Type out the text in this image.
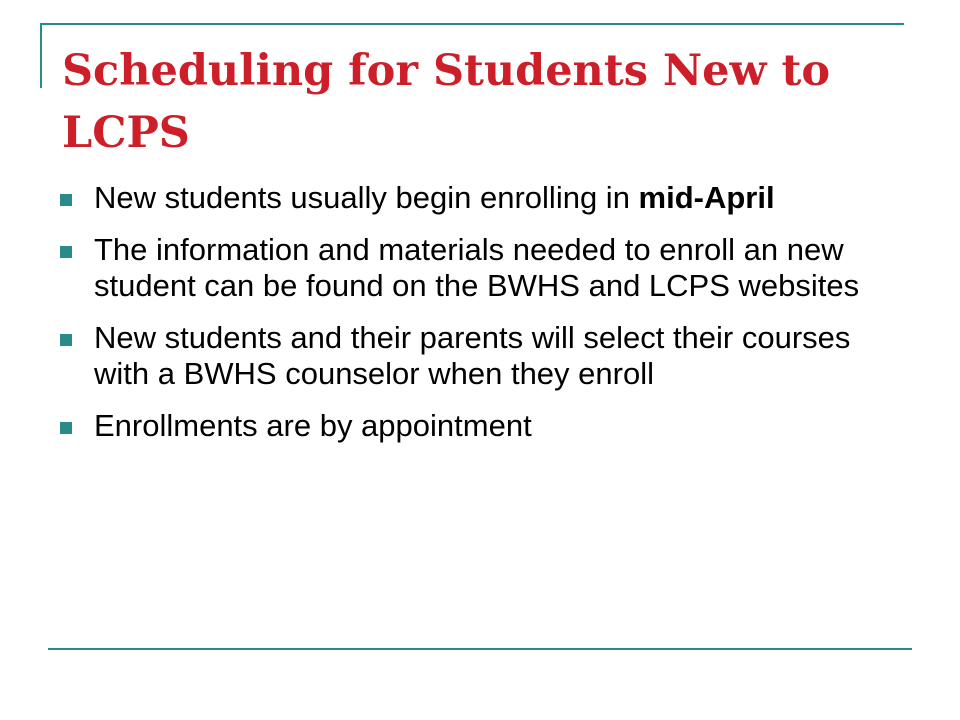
Scheduling for Students New to LCPS
New students usually begin enrolling in mid-April
The information and materials needed to enroll an new student can be found on the BWHS and LCPS websites
New students and their parents will select their courses with a BWHS counselor when they enroll
Enrollments are by appointment
